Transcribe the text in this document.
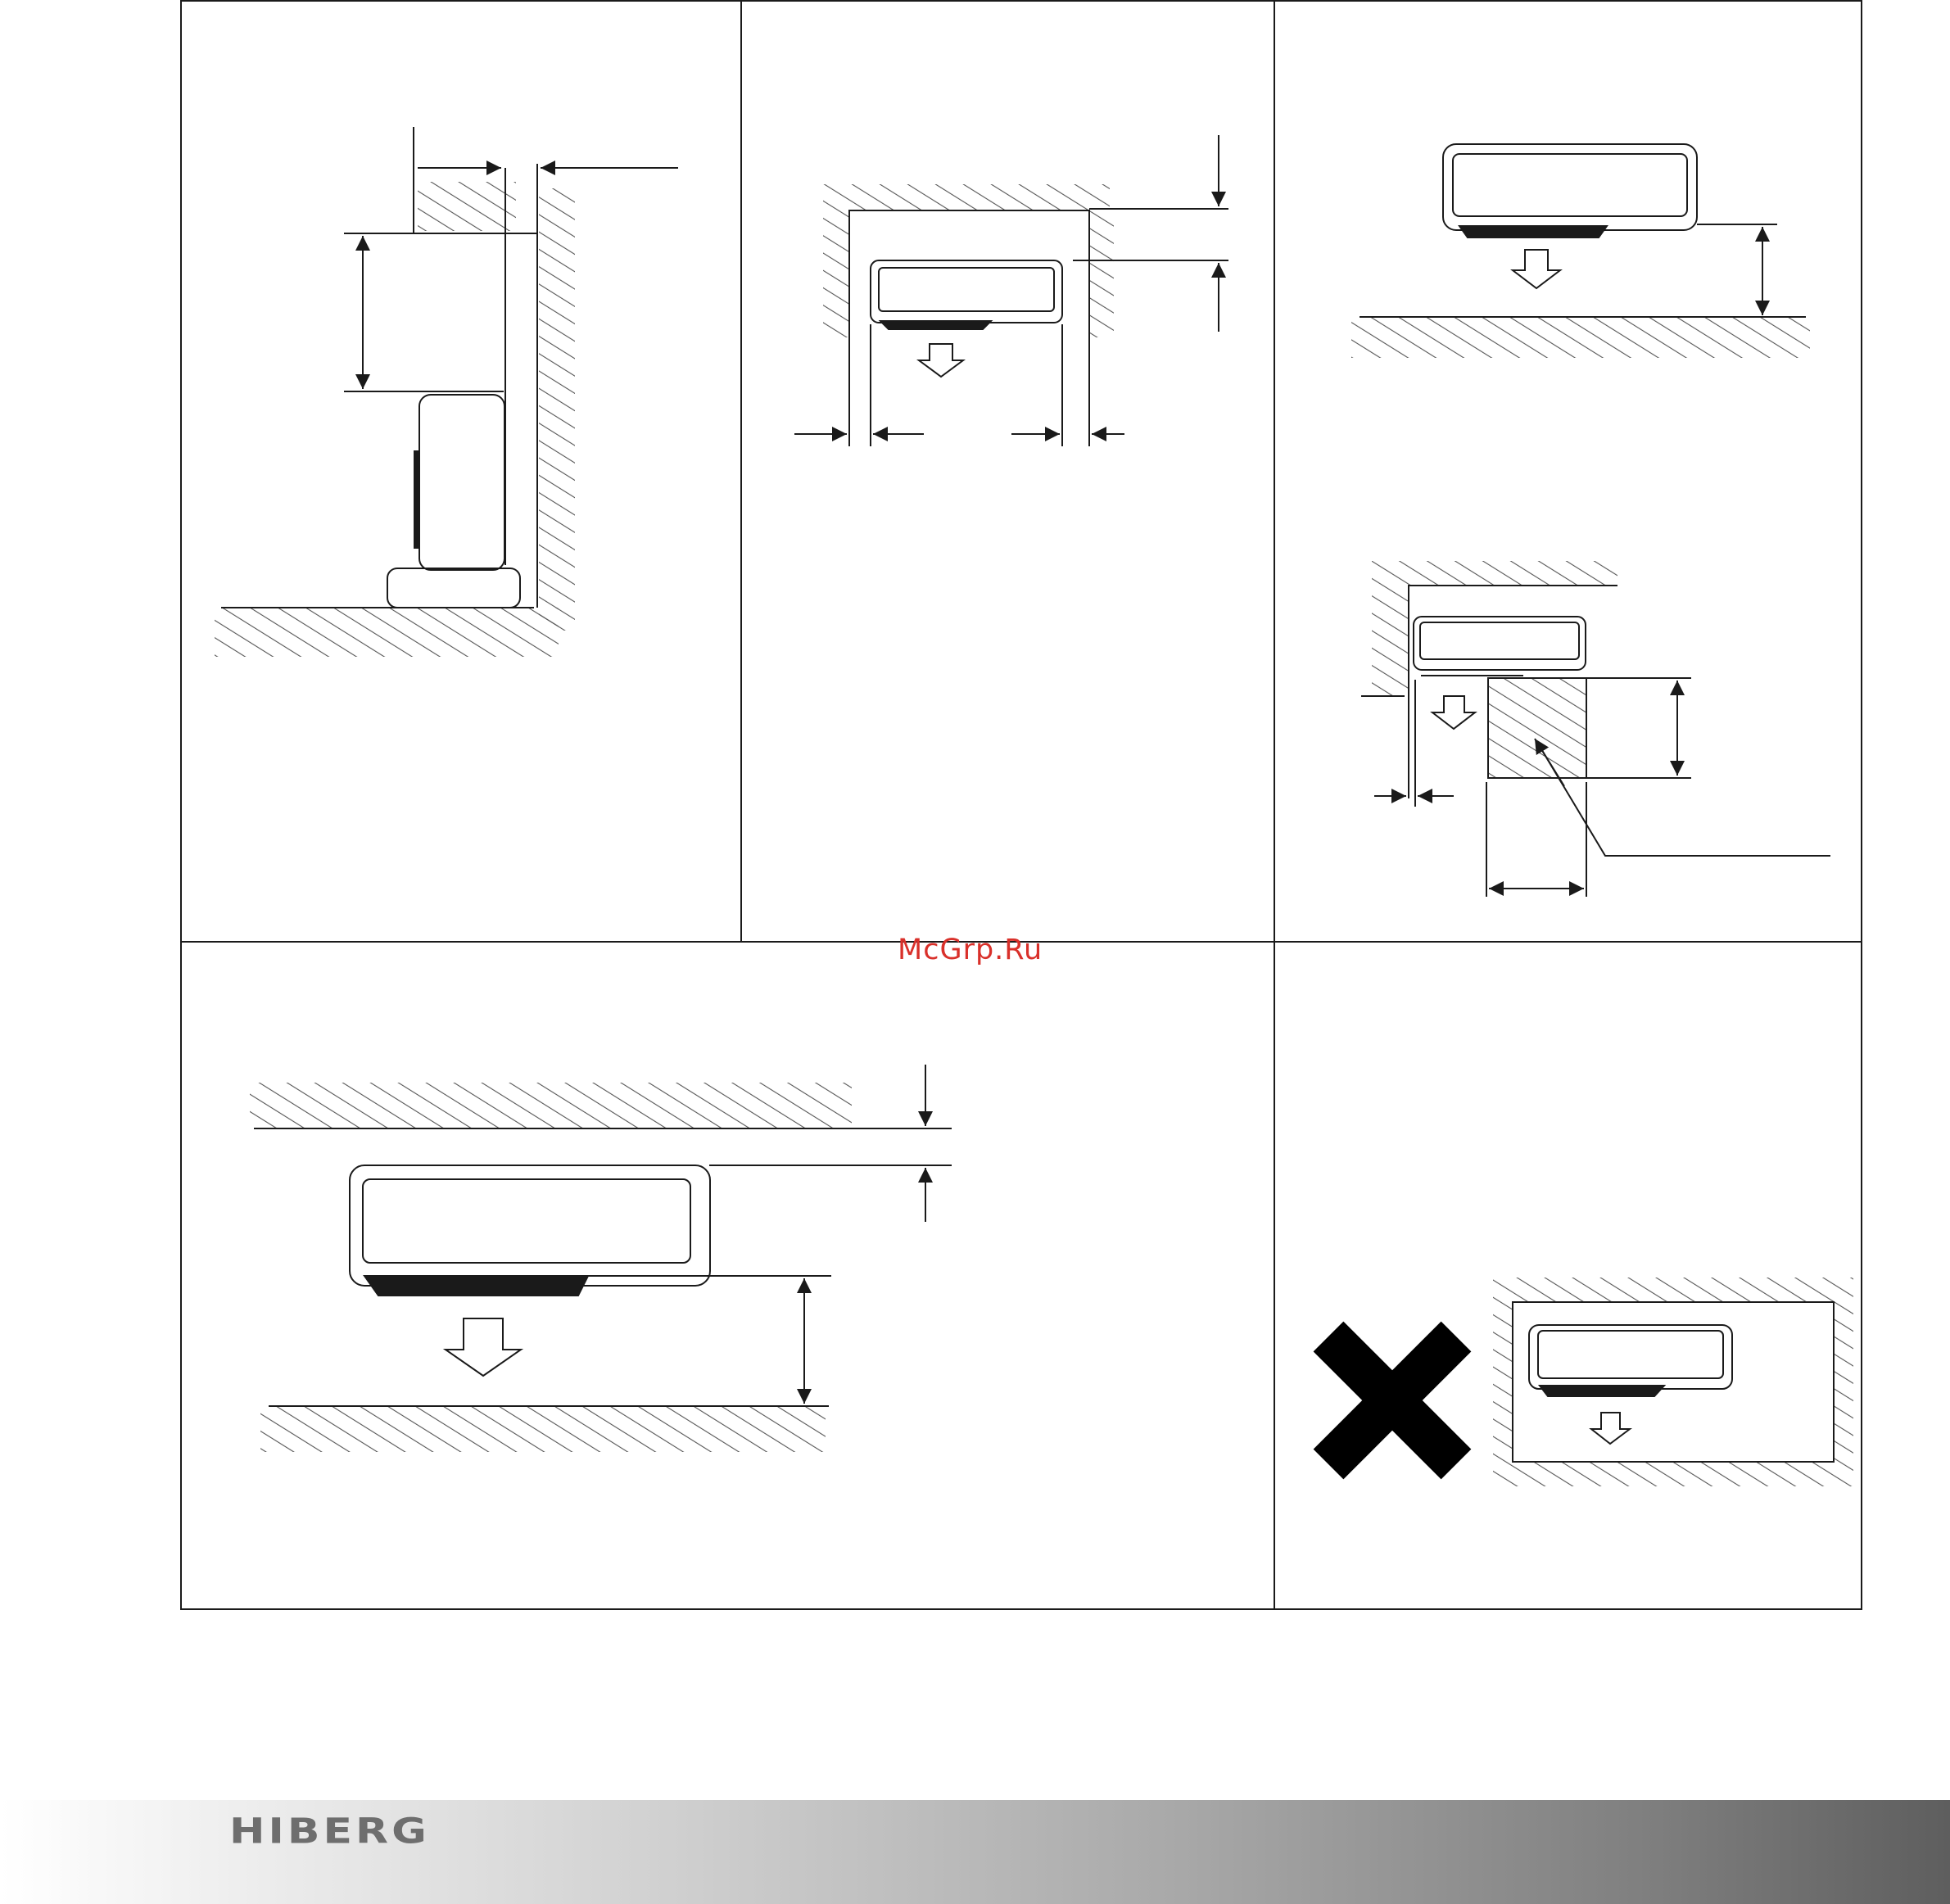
McGrp.Ru
HIBERG
